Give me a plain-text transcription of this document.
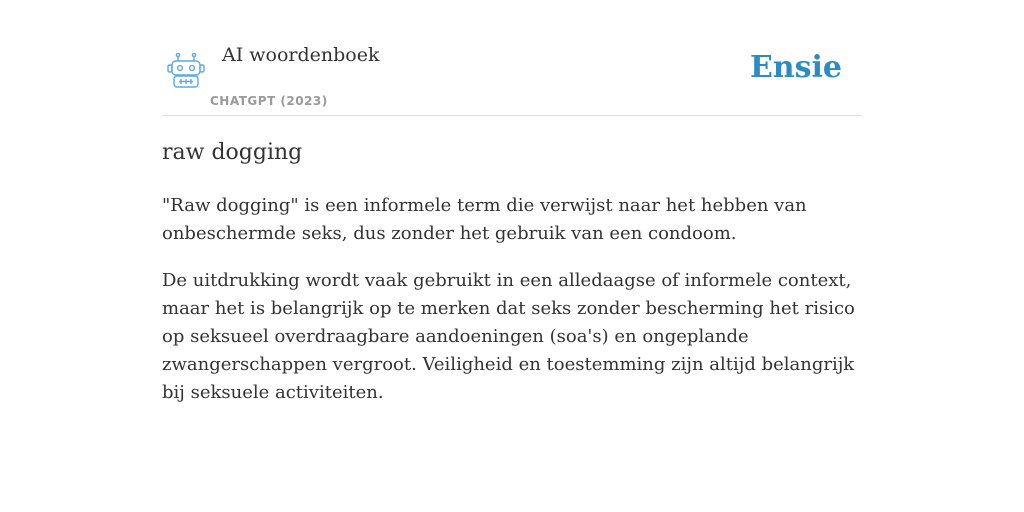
AI woordenboek
CHATGPT (2023)
Ensie
raw dogging

"Raw dogging" is een informele term die verwijst naar het hebben van onbeschermde seks, dus zonder het gebruik van een condoom.

De uitdrukking wordt vaak gebruikt in een alledaagse of informele context, maar het is belangrijk op te merken dat seks zonder bescherming het risico op seksueel overdraagbare aandoeningen (soa's) en ongeplande zwangerschappen vergroot. Veiligheid en toestemming zijn altijd belangrijk bij seksuele activiteiten.
